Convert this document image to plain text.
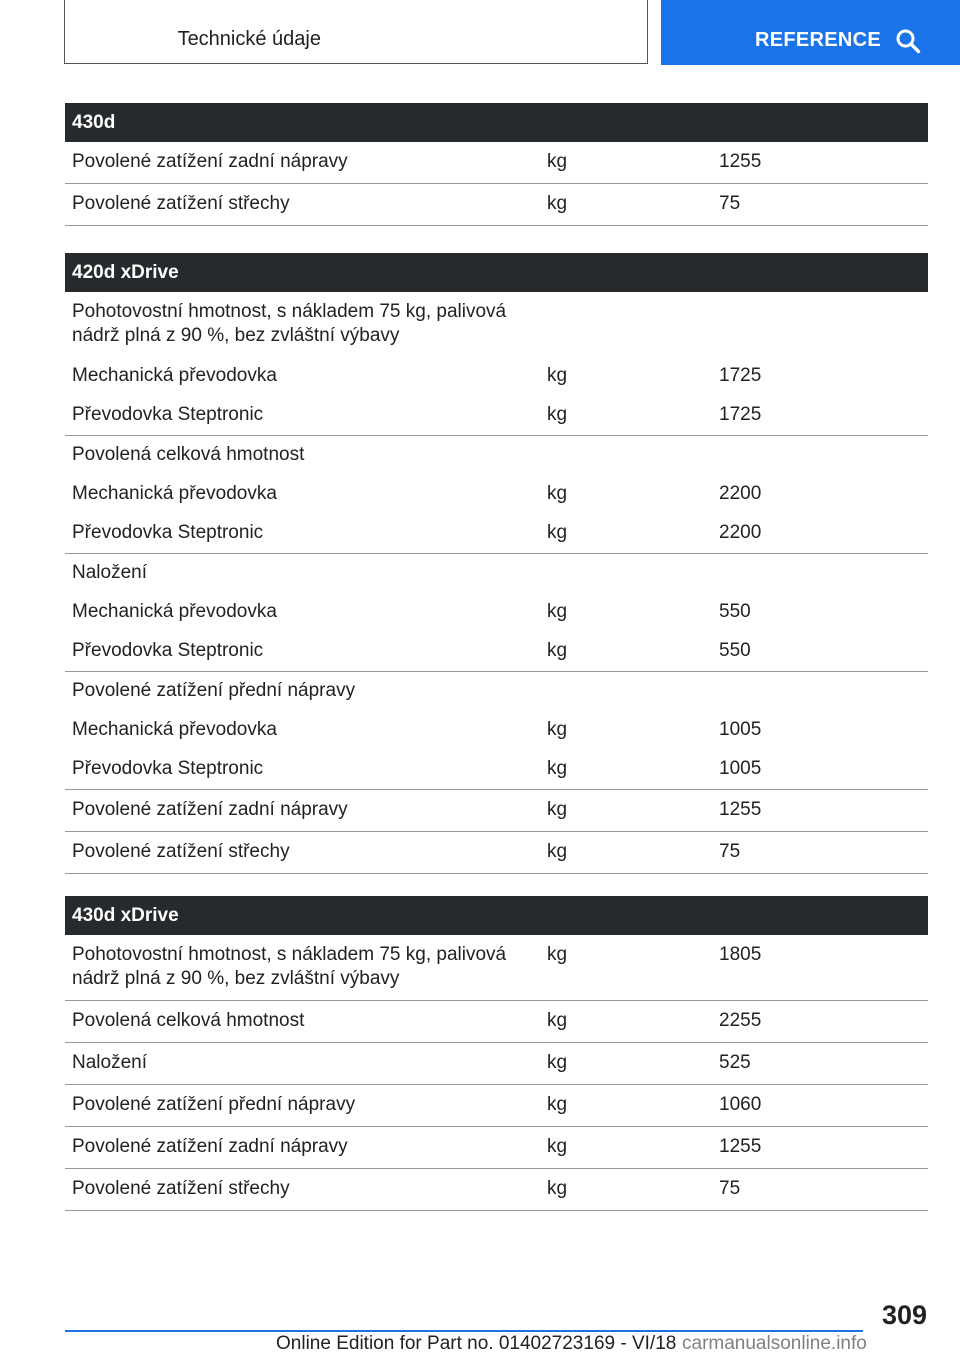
Technické údaje	REFERENCE
430d		
Povolené zatížení zadní nápravy	kg	1255
Povolené zatížení střechy	kg	75
420d xDrive		
Pohotovostní hmotnost, s nákladem 75 kg, palivová
nádrž plná z 90 %, bez zvláštní výbavy		
Mechanická převodovka	kg	1725
Převodovka Steptronic	kg	1725
Povolená celková hmotnost		
Mechanická převodovka	kg	2200
Převodovka Steptronic	kg	2200
Naložení		
Mechanická převodovka	kg	550
Převodovka Steptronic	kg	550
Povolené zatížení přední nápravy		
Mechanická převodovka	kg	1005
Převodovka Steptronic	kg	1005
Povolené zatížení zadní nápravy	kg	1255
Povolené zatížení střechy	kg	75
430d xDrive		
Pohotovostní hmotnost, s nákladem 75 kg, palivová
nádrž plná z 90 %, bez zvláštní výbavy	kg	1805
Povolená celková hmotnost	kg	2255
Naložení	kg	525
Povolené zatížení přední nápravy	kg	1060
Povolené zatížení zadní nápravy	kg	1255
Povolené zatížení střechy	kg	75
309
Online Edition for Part no. 01402723169 - VI/18 carmanualsonline.info
